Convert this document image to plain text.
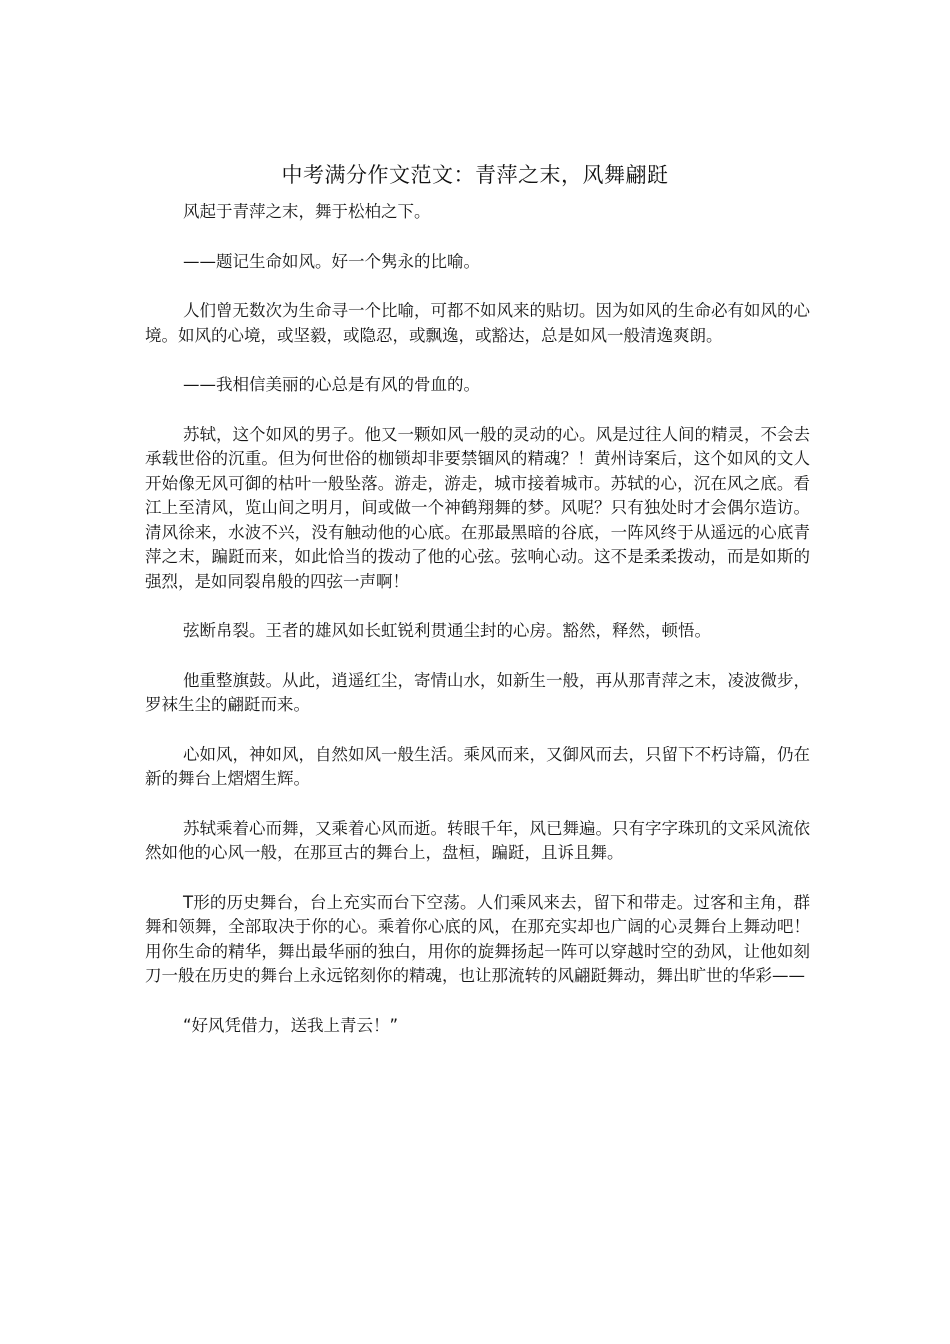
中考满分作文范文：青萍之末，风舞翩跹

风起于青萍之末，舞于松柏之下。

——题记生命如风。好一个隽永的比喻。

人们曾无数次为生命寻一个比喻，可都不如风来的贴切。因为如风的生命必有如风的心境。如风的心境，或坚毅，或隐忍，或飘逸，或豁达，总是如风一般清逸爽朗。

——我相信美丽的心总是有风的骨血的。

苏轼，这个如风的男子。他又一颗如风一般的灵动的心。风是过往人间的精灵，不会去承载世俗的沉重。但为何世俗的枷锁却非要禁锢风的精魂？！黄州诗案后，这个如风的文人开始像无风可御的枯叶一般坠落。游走，游走，城市接着城市。苏轼的心，沉在风之底。看江上至清风，览山间之明月，间或做一个神鹤翔舞的梦。风呢？只有独处时才会偶尔造访。清风徐来，水波不兴，没有触动他的心底。在那最黑暗的谷底，一阵风终于从遥远的心底青萍之末，蹁跹而来，如此恰当的拨动了他的心弦。弦响心动。这不是柔柔拨动，而是如斯的强烈，是如同裂帛般的四弦一声啊！

弦断帛裂。王者的雄风如长虹锐利贯通尘封的心房。豁然，释然，顿悟。

他重整旗鼓。从此，逍遥红尘，寄情山水，如新生一般，再从那青萍之末，凌波微步，罗袜生尘的翩跹而来。

心如风，神如风，自然如风一般生活。乘风而来，又御风而去，只留下不朽诗篇，仍在新的舞台上熠熠生辉。

苏轼乘着心而舞，又乘着心风而逝。转眼千年，风已舞遍。只有字字珠玑的文采风流依然如他的心风一般，在那亘古的舞台上，盘桓，蹁跹，且诉且舞。

T形的历史舞台，台上充实而台下空荡。人们乘风来去，留下和带走。过客和主角，群舞和领舞，全部取决于你的心。乘着你心底的风，在那充实却也广阔的心灵舞台上舞动吧！用你生命的精华，舞出最华丽的独白，用你的旋舞扬起一阵可以穿越时空的劲风，让他如刻刀一般在历史的舞台上永远铭刻你的精魂，也让那流转的风翩跹舞动，舞出旷世的华彩——

“好风凭借力，送我上青云！”
